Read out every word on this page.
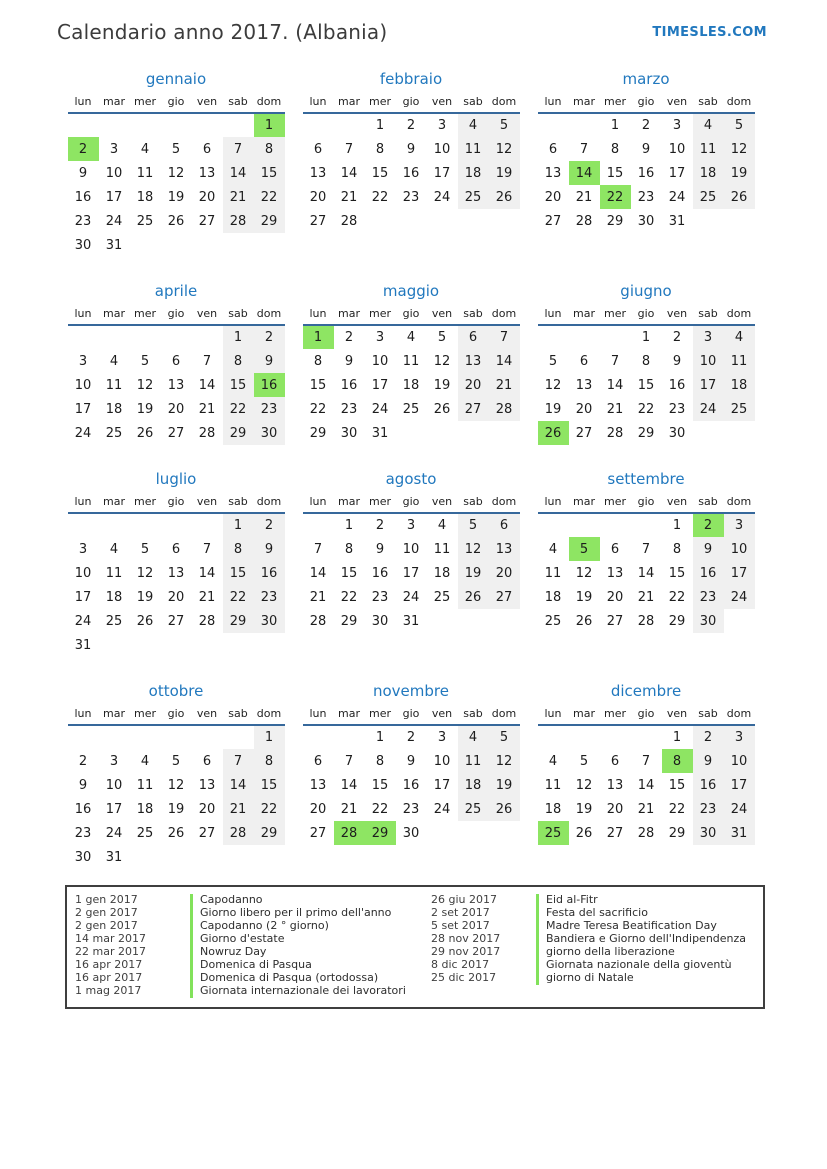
Calendario anno 2017. (Albania)	TIMESLES.COM
gennaio
lun	mar	mer	gio	ven	sab	dom
						1
2	3	4	5	6	7	8
9	10	11	12	13	14	15
16	17	18	19	20	21	22
23	24	25	26	27	28	29
30	31					
febbraio
lun	mar	mer	gio	ven	sab	dom
		1	2	3	4	5
6	7	8	9	10	11	12
13	14	15	16	17	18	19
20	21	22	23	24	25	26
27	28					
marzo
lun	mar	mer	gio	ven	sab	dom
		1	2	3	4	5
6	7	8	9	10	11	12
13	14	15	16	17	18	19
20	21	22	23	24	25	26
27	28	29	30	31		
aprile
lun	mar	mer	gio	ven	sab	dom
					1	2
3	4	5	6	7	8	9
10	11	12	13	14	15	16
17	18	19	20	21	22	23
24	25	26	27	28	29	30
maggio
lun	mar	mer	gio	ven	sab	dom
1	2	3	4	5	6	7
8	9	10	11	12	13	14
15	16	17	18	19	20	21
22	23	24	25	26	27	28
29	30	31				
giugno
lun	mar	mer	gio	ven	sab	dom
			1	2	3	4
5	6	7	8	9	10	11
12	13	14	15	16	17	18
19	20	21	22	23	24	25
26	27	28	29	30		
luglio
lun	mar	mer	gio	ven	sab	dom
					1	2
3	4	5	6	7	8	9
10	11	12	13	14	15	16
17	18	19	20	21	22	23
24	25	26	27	28	29	30
31						
agosto
lun	mar	mer	gio	ven	sab	dom
	1	2	3	4	5	6
7	8	9	10	11	12	13
14	15	16	17	18	19	20
21	22	23	24	25	26	27
28	29	30	31			
settembre
lun	mar	mer	gio	ven	sab	dom
				1	2	3
4	5	6	7	8	9	10
11	12	13	14	15	16	17
18	19	20	21	22	23	24
25	26	27	28	29	30	
ottobre
lun	mar	mer	gio	ven	sab	dom
						1
2	3	4	5	6	7	8
9	10	11	12	13	14	15
16	17	18	19	20	21	22
23	24	25	26	27	28	29
30	31					
novembre
lun	mar	mer	gio	ven	sab	dom
		1	2	3	4	5
6	7	8	9	10	11	12
13	14	15	16	17	18	19
20	21	22	23	24	25	26
27	28	29	30			
dicembre
lun	mar	mer	gio	ven	sab	dom
				1	2	3
4	5	6	7	8	9	10
11	12	13	14	15	16	17
18	19	20	21	22	23	24
25	26	27	28	29	30	31
1 gen 2017	Capodanno
2 gen 2017	Giorno libero per il primo dell'anno
2 gen 2017	Capodanno (2 ° giorno)
14 mar 2017	Giorno d'estate
22 mar 2017	Nowruz Day
16 apr 2017	Domenica di Pasqua
16 apr 2017	Domenica di Pasqua (ortodossa)
1 mag 2017	Giornata internazionale dei lavoratori
26 giu 2017	Eid al-Fitr
2 set 2017	Festa del sacrificio
5 set 2017	Madre Teresa Beatification Day
28 nov 2017	Bandiera e Giorno dell'Indipendenza
29 nov 2017	giorno della liberazione
8 dic 2017	Giornata nazionale della gioventù
25 dic 2017	giorno di Natale
